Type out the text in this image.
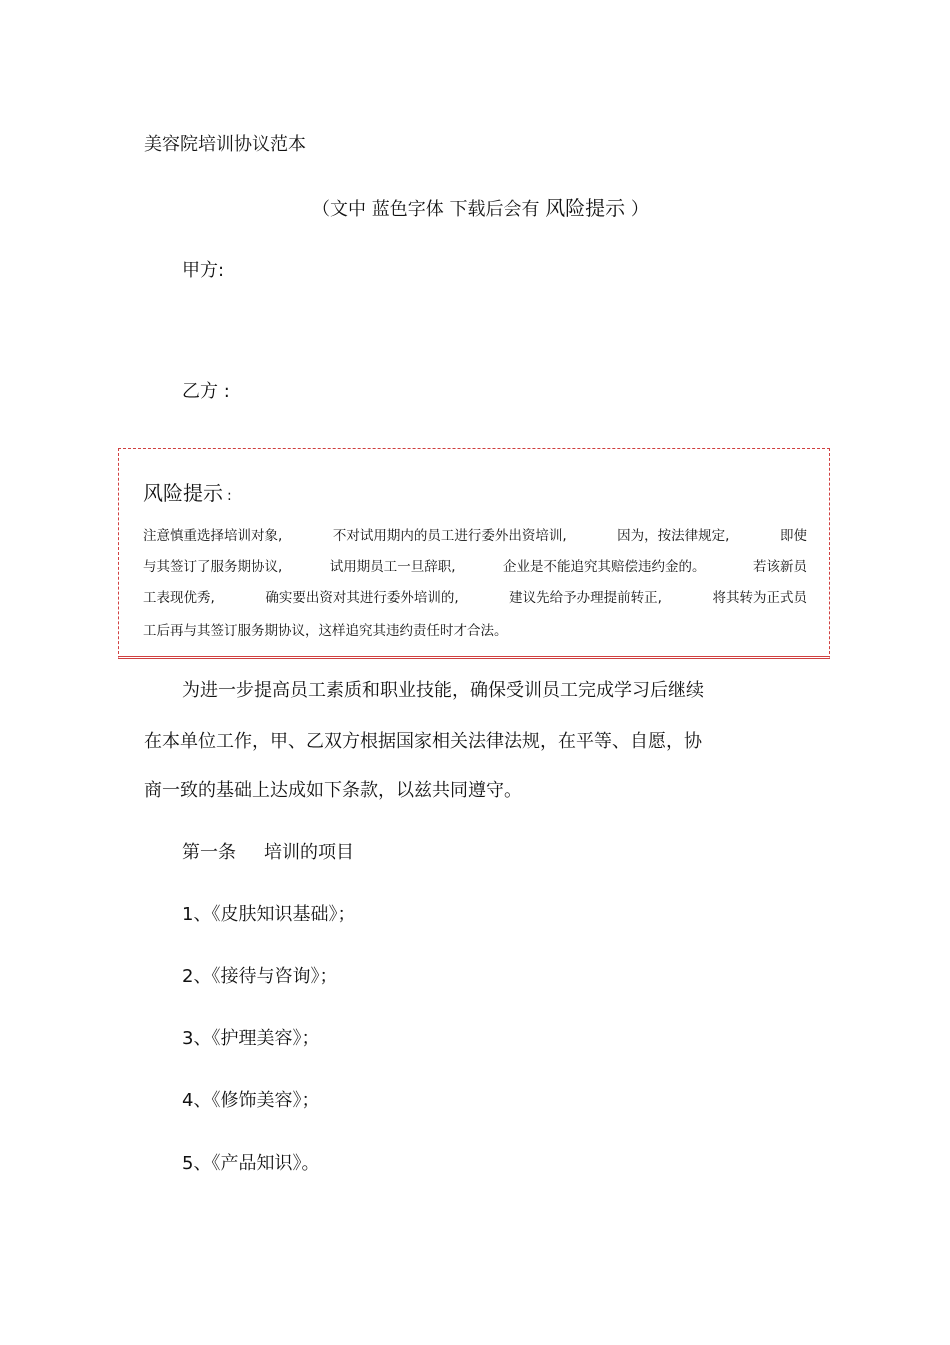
美容院培训协议范本
（文中 蓝色字体 下载后会有 风险提示 ）
甲方:
乙方 :
风险提示 :
注意慎重选择培训对象,	不对试用期内的员工进行委外出资培训,	因为，按法律规定,	即使
与其签订了服务期协议,	试用期员工一旦辞职,	企业是不能追究其赔偿违约金的。	若该新员
工表现优秀,	确实要出资对其进行委外培训的,	建议先给予办理提前转正,	将其转为正式员
工后再与其签订服务期协议，这样追究其违约责任时才合法。
为进一步提高员工素质和职业技能，确保受训员工完成学习后继续
在本单位工作，甲、乙双方根据国家相关法律法规，在平等、自愿，协
商一致的基础上达成如下条款，以兹共同遵守。
第一条 培训的项目
1、《皮肤知识基础》；
2、《接待与咨询》；
3、《护理美容》；
4、《修饰美容》；
5、《产品知识》。
